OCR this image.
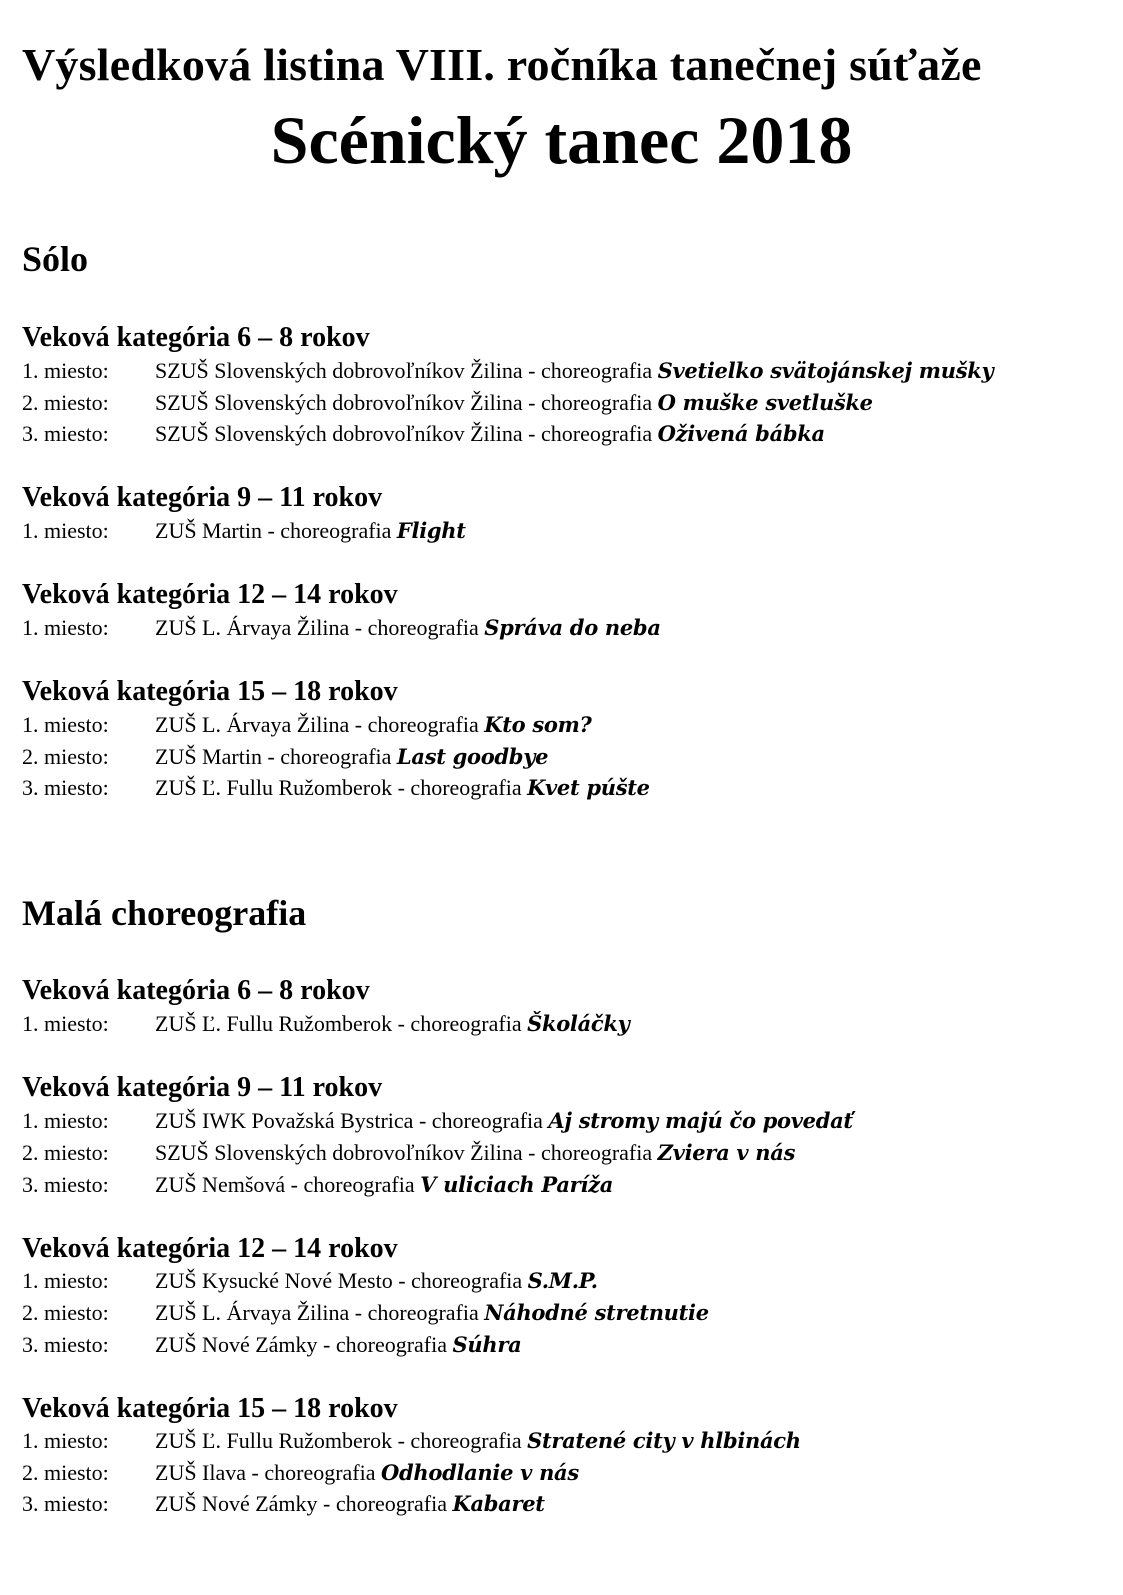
Výsledková listina VIII. ročníka tanečnej súťaže
Scénický tanec 2018
Sólo
Veková kategória 6 – 8 rokov
1. miesto: SZUŠ Slovenských dobrovoľníkov Žilina - choreografia Svetielko svätojánskej mušky
2. miesto: SZUŠ Slovenských dobrovoľníkov Žilina - choreografia O muške svetluške
3. miesto: SZUŠ Slovenských dobrovoľníkov Žilina - choreografia Oživená bábka
Veková kategória 9 – 11 rokov
1. miesto: ZUŠ Martin - choreografia Flight
Veková kategória 12 – 14 rokov
1. miesto: ZUŠ L. Árvaya Žilina - choreografia Správa do neba
Veková kategória 15 – 18 rokov
1. miesto: ZUŠ L. Árvaya Žilina - choreografia Kto som?
2. miesto: ZUŠ Martin - choreografia Last goodbye
3. miesto: ZUŠ Ľ. Fullu Ružomberok - choreografia Kvet púšte
Malá choreografia
Veková kategória 6 – 8 rokov
1. miesto: ZUŠ Ľ. Fullu Ružomberok - choreografia Školáčky
Veková kategória 9 – 11 rokov
1. miesto: ZUŠ IWK Považská Bystrica - choreografia Aj stromy majú čo povedať
2. miesto: SZUŠ Slovenských dobrovoľníkov Žilina - choreografia Zviera v nás
3. miesto: ZUŠ Nemšová - choreografia V uliciach Paríža
Veková kategória 12 – 14 rokov
1. miesto: ZUŠ Kysucké Nové Mesto - choreografia S.M.P.
2. miesto: ZUŠ L. Árvaya Žilina - choreografia Náhodné stretnutie
3. miesto: ZUŠ Nové Zámky - choreografia Súhra
Veková kategória 15 – 18 rokov
1. miesto: ZUŠ Ľ. Fullu Ružomberok - choreografia Stratené city v hlbinách
2. miesto: ZUŠ Ilava - choreografia Odhodlanie v nás
3. miesto: ZUŠ Nové Zámky - choreografia Kabaret
